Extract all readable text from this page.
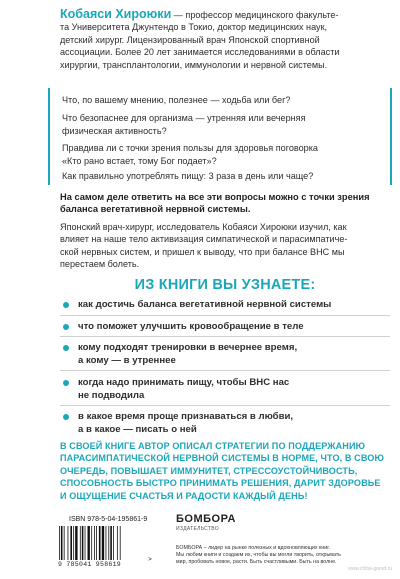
Кобаяси Хироюки — профессор медицинского факульте-
та Университета Джунтендо в Токио, доктор медицинских наук,
детский хирург. Лицензированный врач Японской спортивной
ассоциации. Более 20 лет занимается исследованиями в области
хирургии, трансплантологии, иммунологии и нервной системы.
Что, по вашему мнению, полезнее — ходьба или бег?
Что безопаснее для организма — утренняя или вечерняя
физическая активность?
Правдива ли с точки зрения пользы для здоровья поговорка
«Кто рано встает, тому Бог подает»?
Как правильно употреблять пищу: 3 раза в день или чаще?
На самом деле ответить на все эти вопросы можно с точки зрения
баланса вегетативной нервной системы.
Японский врач-хирург, исследователь Кобаяси Хироюки изучил, как
влияет на наше тело активизация симпатической и парасимпатиче-
ской нервных систем, и пришел к выводу, что при балансе ВНС мы
перестаем болеть.
ИЗ КНИГИ ВЫ УЗНАЕТЕ:
как достичь баланса вегетативной нервной системы
что поможет улучшить кровообращение в теле
кому подходят тренировки в вечернее время,
а кому — в утреннее
когда надо принимать пищу, чтобы ВНС нас
не подводила
в какое время проще признаваться в любви,
а в какое — писать о ней
В СВОЕЙ КНИГЕ АВТОР ОПИСАЛ СТРАТЕГИИ ПО ПОДДЕРЖАНИЮ
ПАРАСИМПАТИЧЕСКОЙ НЕРВНОЙ СИСТЕМЫ В НОРМЕ, ЧТО, В СВОЮ
ОЧЕРЕДЬ, ПОВЫШАЕТ ИММУНИТЕТ, СТРЕССОУСТОЙЧИВОСТЬ,
СПОСОБНОСТЬ БЫСТРО ПРИНИМАТЬ РЕШЕНИЯ, ДАРИТ ЗДОРОВЬЕ
И ОЩУЩЕНИЕ СЧАСТЬЯ И РАДОСТИ КАЖДЫЙ ДЕНЬ!
ISBN 978-5-04-195861-9
9 785041 958619
>
БОМБОРА
ИЗДАТЕЛЬСТВО
БОМБОРА – лидер на рынке полезных и вдохновляющих книг.
Мы любим книги и создаем их, чтобы вы могли творить, открывать
мир, пробовать новое, расти. Быть счастливыми. Быть на волне.
www.chitai-gorod.ru
